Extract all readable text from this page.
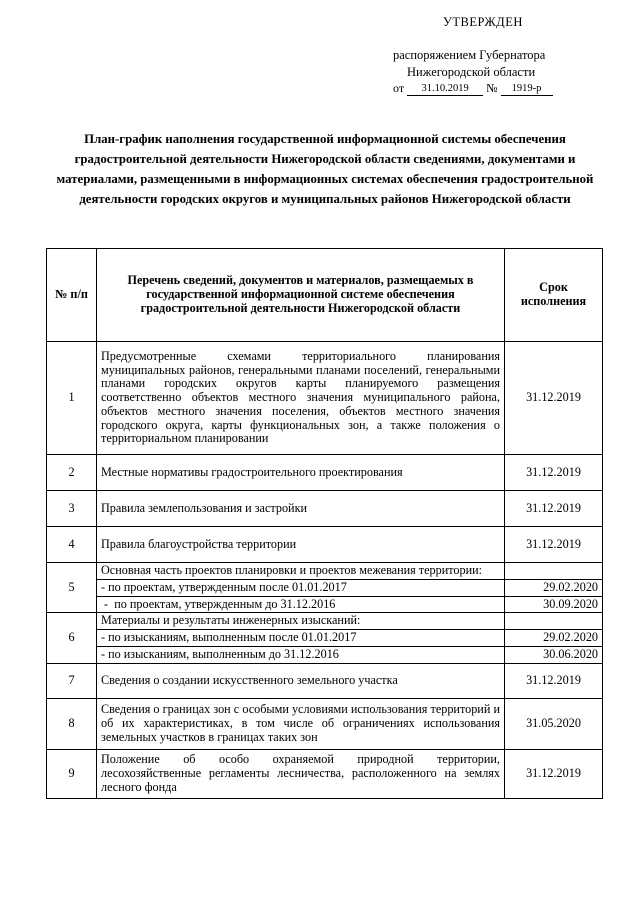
УТВЕРЖДЕН
распоряжением Губернатора
Нижегородской области
от 31.10.2019 № 1919-р
План-график наполнения государственной информационной системы обеспечения градостроительной деятельности Нижегородской области сведениями, документами и материалами, размещенными в информационных системах обеспечения градостроительной деятельности городских округов и муниципальных районов Нижегородской области
№ п/п	Перечень сведений, документов и материалов, размещаемых в государственной информационной системе обеспечения градостроительной деятельности Нижегородской области	Срок исполнения
1	Предусмотренные схемами территориального планирования муниципальных районов, генеральными планами поселений, генеральными планами городских округов карты планируемого размещения соответственно объектов местного значения муниципального района, объектов местного значения поселения, объектов местного значения городского округа, карты функциональных зон, а также положения о территориальном планировании	31.12.2019
2	Местные нормативы градостроительного проектирования	31.12.2019
3	Правила землепользования и застройки	31.12.2019
4	Правила благоустройства территории	31.12.2019
5	Основная часть проектов планировки и проектов межевания территории:	
	- по проектам, утвержденным после 01.01.2017	29.02.2020
	-  по проектам, утвержденным до 31.12.2016	30.09.2020
6	Материалы и результаты инженерных изысканий:	
	- по изысканиям, выполненным после 01.01.2017	29.02.2020
	- по изысканиям, выполненным до 31.12.2016	30.06.2020
7	Сведения о создании искусственного земельного участка	31.12.2019
8	Сведения о границах зон с особыми условиями использования территорий и об их характеристиках, в том числе об ограничениях использования земельных участков в границах таких зон	31.05.2020
9	Положение об особо охраняемой природной территории, лесохозяйственные регламенты лесничества, расположенного на землях лесного фонда	31.12.2019
